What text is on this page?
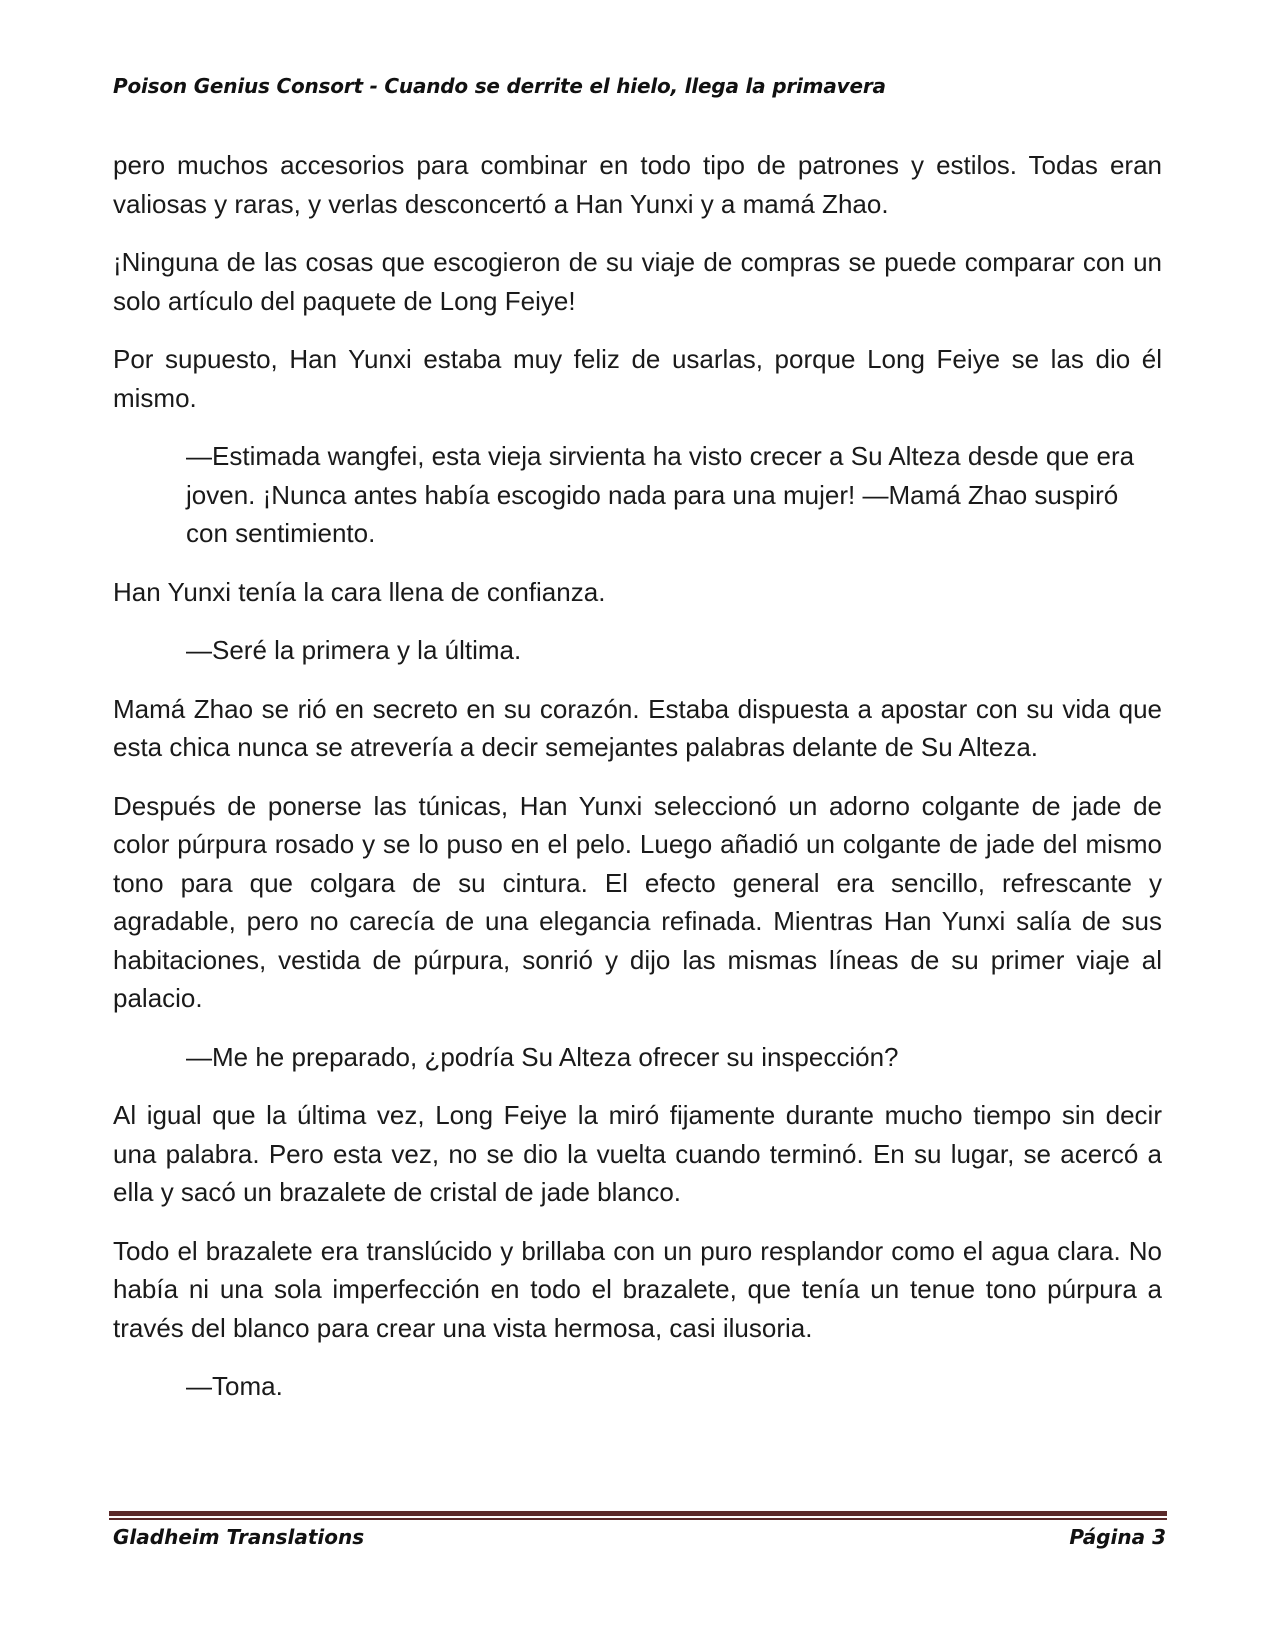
Poison Genius Consort - Cuando se derrite el hielo, llega la primavera

pero muchos accesorios para combinar en todo tipo de patrones y estilos. Todas eran valiosas y raras, y verlas desconcertó a Han Yunxi y a mamá Zhao.

¡Ninguna de las cosas que escogieron de su viaje de compras se puede comparar con un solo artículo del paquete de Long Feiye!

Por supuesto, Han Yunxi estaba muy feliz de usarlas, porque Long Feiye se las dio él mismo.

—Estimada wangfei, esta vieja sirvienta ha visto crecer a Su Alteza desde que era joven. ¡Nunca antes había escogido nada para una mujer! —Mamá Zhao suspiró con sentimiento.

Han Yunxi tenía la cara llena de confianza.

—Seré la primera y la última.

Mamá Zhao se rió en secreto en su corazón. Estaba dispuesta a apostar con su vida que esta chica nunca se atrevería a decir semejantes palabras delante de Su Alteza.

Después de ponerse las túnicas, Han Yunxi seleccionó un adorno colgante de jade de color púrpura rosado y se lo puso en el pelo. Luego añadió un colgante de jade del mismo tono para que colgara de su cintura. El efecto general era sencillo, refrescante y agradable, pero no carecía de una elegancia refinada. Mientras Han Yunxi salía de sus habitaciones, vestida de púrpura, sonrió y dijo las mismas líneas de su primer viaje al palacio.

—Me he preparado, ¿podría Su Alteza ofrecer su inspección?

Al igual que la última vez, Long Feiye la miró fijamente durante mucho tiempo sin decir una palabra. Pero esta vez, no se dio la vuelta cuando terminó. En su lugar, se acercó a ella y sacó un brazalete de cristal de jade blanco.

Todo el brazalete era translúcido y brillaba con un puro resplandor como el agua clara. No había ni una sola imperfección en todo el brazalete, que tenía un tenue tono púrpura a través del blanco para crear una vista hermosa, casi ilusoria.

—Toma.

Gladheim Translations	Página 3
